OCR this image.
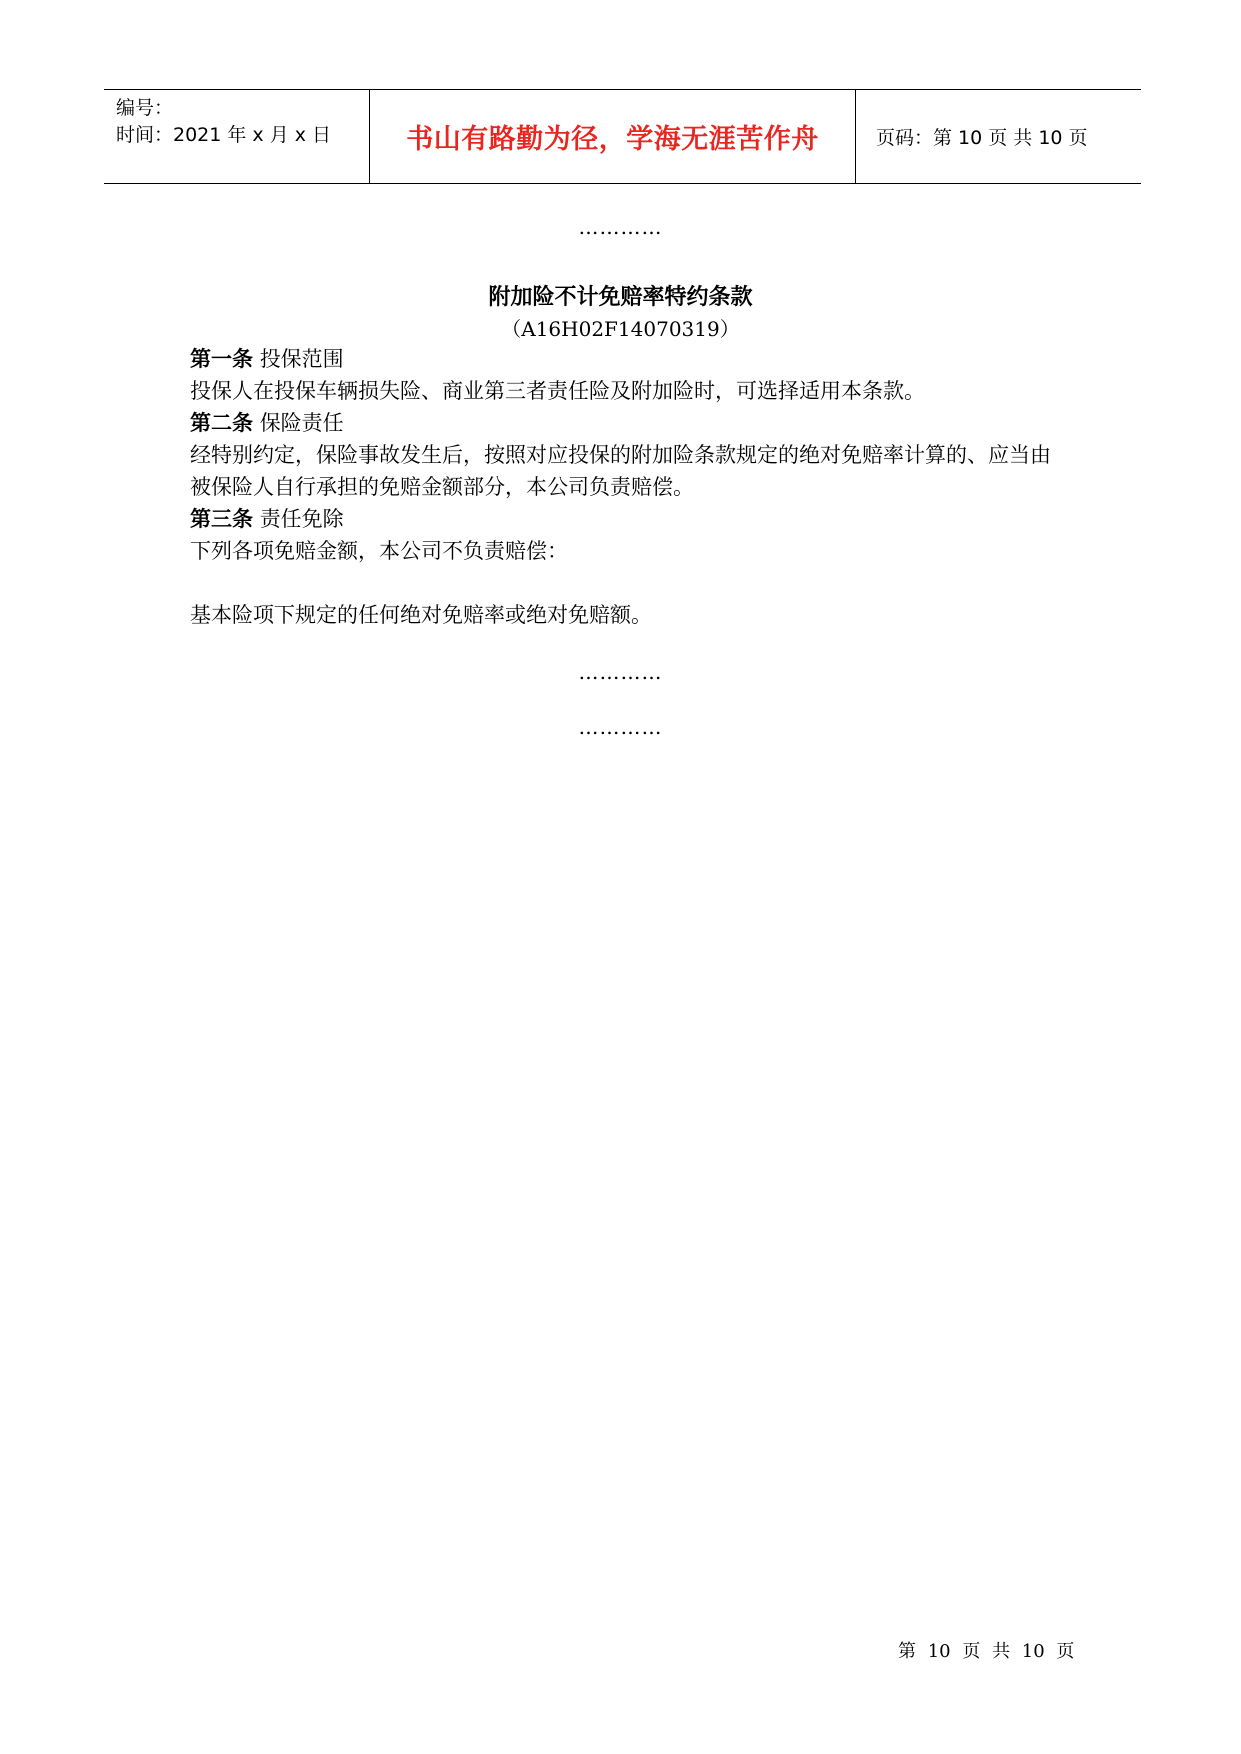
编号：
时间：2021 年 x 月 x 日	书山有路勤为径，学海无涯苦作舟	页码：第 10 页 共 10 页
…………
附加险不计免赔率特约条款
（A16H02F14070319）
第一条 投保范围
投保人在投保车辆损失险、商业第三者责任险及附加险时，可选择适用本条款。
第二条 保险责任
经特别约定，保险事故发生后，按照对应投保的附加险条款规定的绝对免赔率计算的、应当由被保险人自行承担的免赔金额部分，本公司负责赔偿。
第三条 责任免除
下列各项免赔金额，本公司不负责赔偿：
基本险项下规定的任何绝对免赔率或绝对免赔额。
…………
…………
第 10 页 共 10 页
